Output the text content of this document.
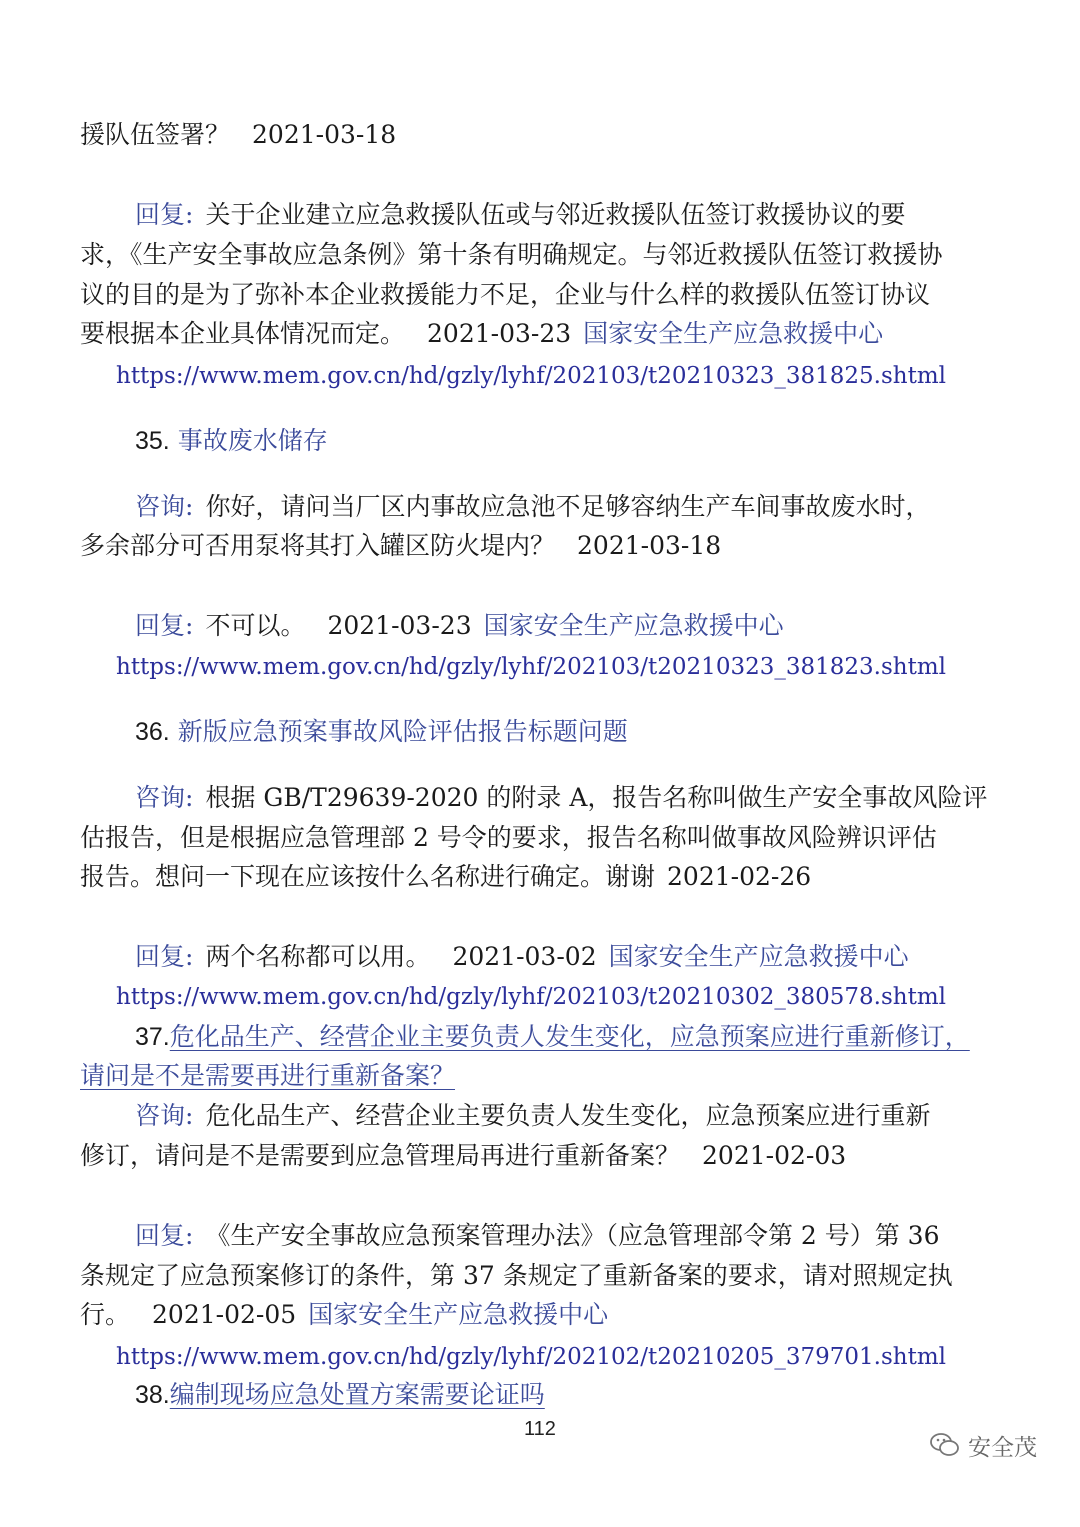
援队伍签署？ 2021-03-18
回复: 关于企业建立应急救援队伍或与邻近救援队伍签订救援协议的要
求，《生产安全事故应急条例》第十条有明确规定。与邻近救援队伍签订救援协
议的目的是为了弥补本企业救援能力不足，企业与什么样的救援队伍签订协议
要根据本企业具体情况而定。 2021-03-23 国家安全生产应急救援中心
https://www.mem.gov.cn/hd/gzly/lyhf/202103/t20210323_381825.shtml
35. 事故废水储存
咨询: 你好，请问当厂区内事故应急池不足够容纳生产车间事故废水时，
多余部分可否用泵将其打入罐区防火堤内？ 2021-03-18
回复: 不可以。 2021-03-23 国家安全生产应急救援中心
https://www.mem.gov.cn/hd/gzly/lyhf/202103/t20210323_381823.shtml
36. 新版应急预案事故风险评估报告标题问题
咨询: 根据 GB/T29639-2020 的附录 A，报告名称叫做生产安全事故风险评
估报告，但是根据应急管理部 2 号令的要求，报告名称叫做事故风险辨识评估
报告。想问一下现在应该按什么名称进行确定。谢谢 2021-02-26
回复: 两个名称都可以用。 2021-03-02 国家安全生产应急救援中心
https://www.mem.gov.cn/hd/gzly/lyhf/202103/t20210302_380578.shtml
37.危化品生产、经营企业主要负责人发生变化，应急预案应进行重新修订，
请问是不是需要再进行重新备案？
咨询: 危化品生产、经营企业主要负责人发生变化，应急预案应进行重新
修订，请问是不是需要到应急管理局再进行重新备案？ 2021-02-03
回复: 《生产安全事故应急预案管理办法》（应急管理部令第 2 号）第 36
条规定了应急预案修订的条件，第 37 条规定了重新备案的要求，请对照规定执
行。 2021-02-05 国家安全生产应急救援中心
https://www.mem.gov.cn/hd/gzly/lyhf/202102/t20210205_379701.shtml
38.编制现场应急处置方案需要论证吗
112
安全茂
